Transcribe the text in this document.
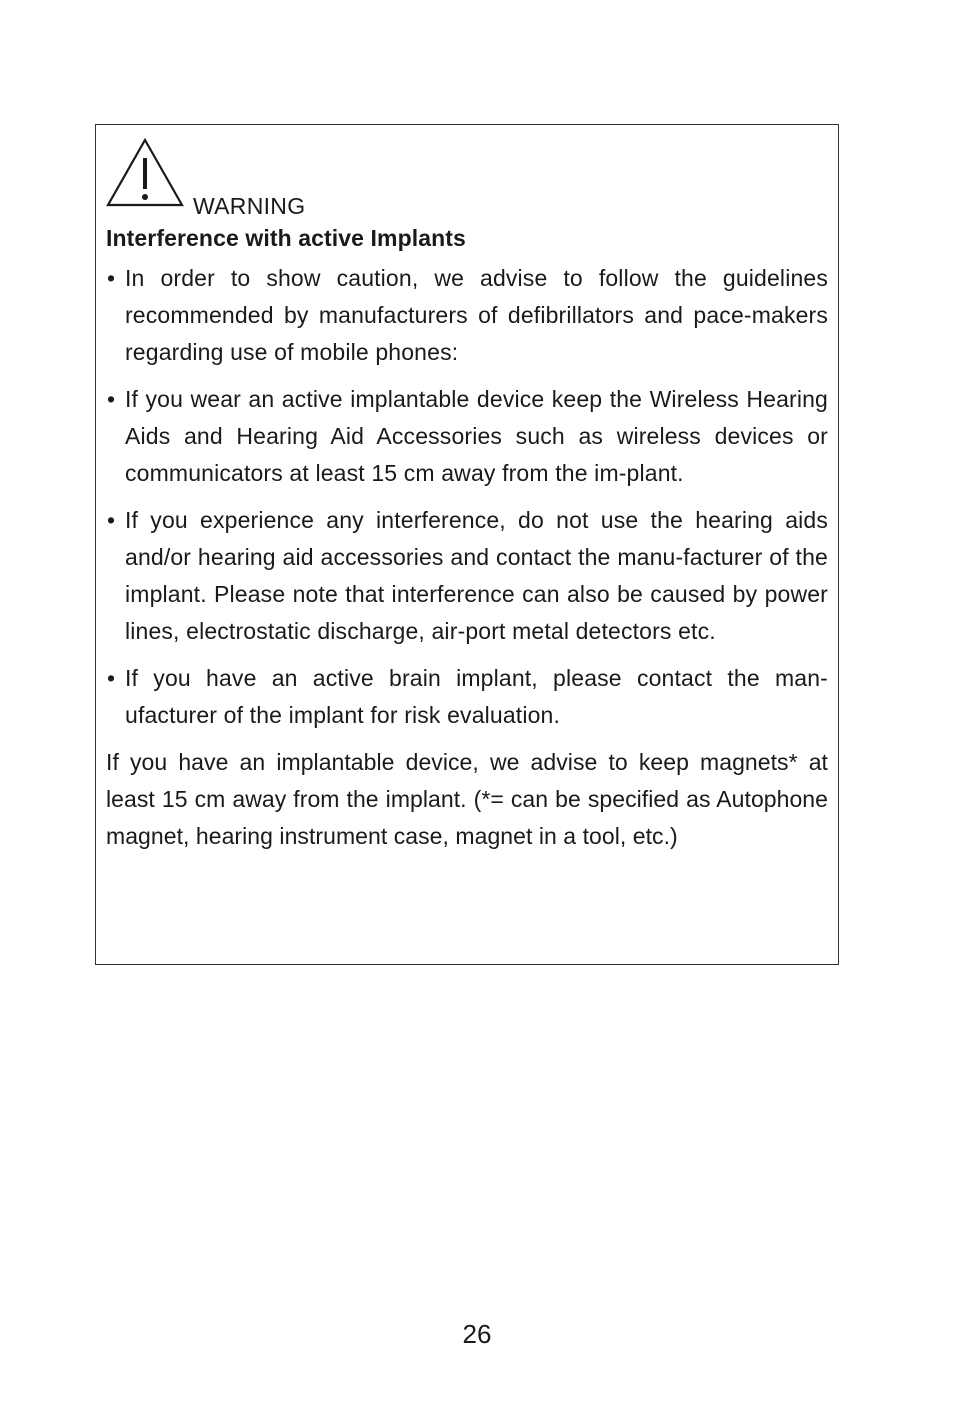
WARNING
Interference with active Implants
• In order to show caution, we advise to follow the guidelines recommended by manufacturers of defibrillators and pace-makers regarding use of mobile phones:
• If you wear an active implantable device keep the Wireless Hearing Aids and Hearing Aid Accessories such as wireless devices or communicators at least 15 cm away from the im-plant.
• If you experience any interference, do not use the hearing aids and/or hearing aid accessories and contact the manu-facturer of the implant. Please note that interference can also be caused by power lines, electrostatic discharge, air-port metal detectors etc.
• If you have an active brain implant, please contact the man-ufacturer of the implant for risk evaluation.

If you have an implantable device, we advise to keep magnets* at least 15 cm away from the implant. (*= can be specified as Autophone magnet, hearing instrument case, magnet in a tool, etc.)

26
